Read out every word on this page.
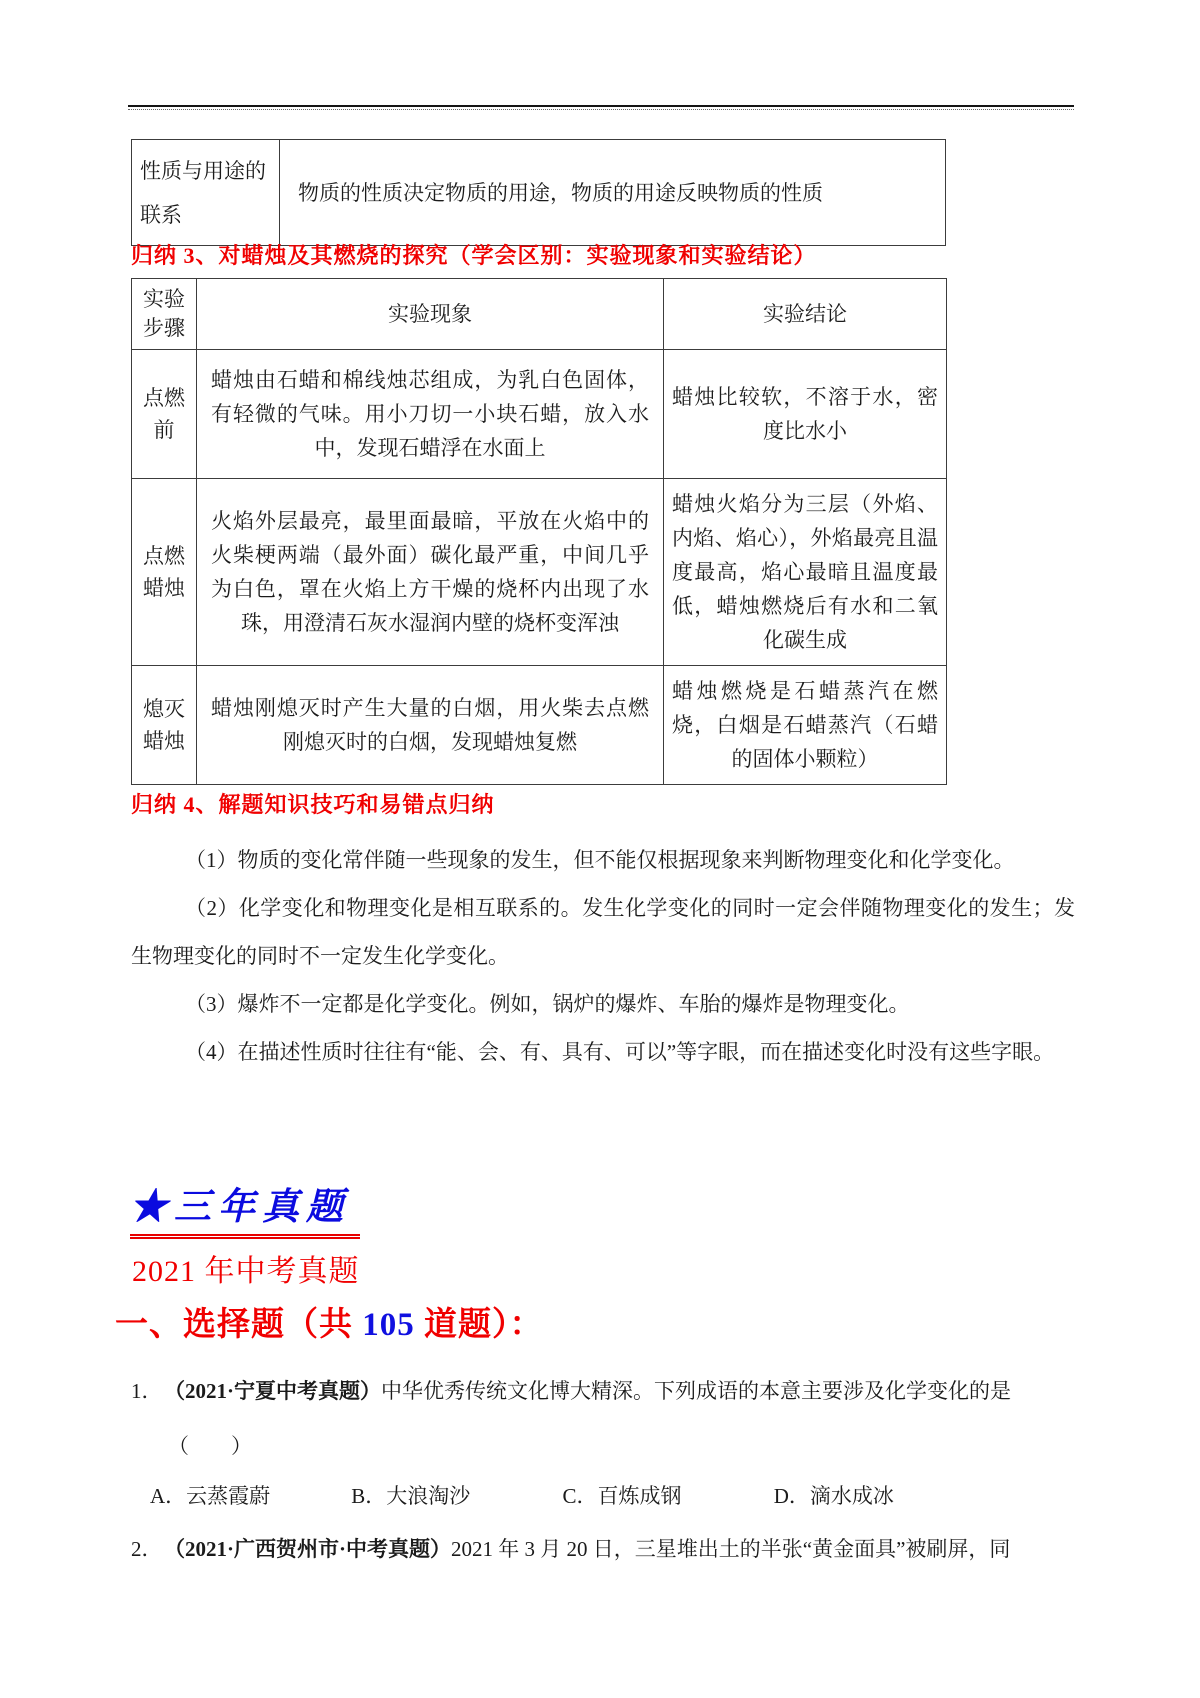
性质与用途的联系	物质的性质决定物质的用途，物质的用途反映物质的性质
归纳 3、对蜡烛及其燃烧的探究（学会区别：实验现象和实验结论）
实验步骤	实验现象	实验结论
点燃前	蜡烛由石蜡和棉线烛芯组成，为乳白色固体，有轻微的气味。用小刀切一小块石蜡，放入水中，发现石蜡浮在水面上	蜡烛比较软，不溶于水，密度比水小
点燃蜡烛	火焰外层最亮，最里面最暗，平放在火焰中的火柴梗两端（最外面）碳化最严重，中间几乎为白色，罩在火焰上方干燥的烧杯内出现了水珠，用澄清石灰水湿润内壁的烧杯变浑浊	蜡烛火焰分为三层（外焰、内焰、焰心），外焰最亮且温度最高，焰心最暗且温度最低，蜡烛燃烧后有水和二氧化碳生成
熄灭蜡烛	蜡烛刚熄灭时产生大量的白烟，用火柴去点燃刚熄灭时的白烟，发现蜡烛复燃	蜡烛燃烧是石蜡蒸汽在燃烧，白烟是石蜡蒸汽（石蜡的固体小颗粒）
归纳 4、解题知识技巧和易错点归纳

（1）物质的变化常伴随一些现象的发生，但不能仅根据现象来判断物理变化和化学变化。

（2）化学变化和物理变化是相互联系的。发生化学变化的同时一定会伴随物理变化的发生；发生物理变化的同时不一定发生化学变化。

（3）爆炸不一定都是化学变化。例如，锅炉的爆炸、车胎的爆炸是物理变化。

（4）在描述性质时往往有“能、会、有、具有、可以”等字眼，而在描述变化时没有这些字眼。

★三年真题
2021 年中考真题
一、选择题（共 105 道题）：
1． （2021·宁夏中考真题）中华优秀传统文化博大精深。下列成语的本意主要涉及化学变化的是
（　　）
A．云蒸霞蔚	B．大浪淘沙	C．百炼成钢	D．滴水成冰
2． （2021·广西贺州市·中考真题）2021 年 3 月 20 日，三星堆出土的半张“黄金面具”被刷屏，同
